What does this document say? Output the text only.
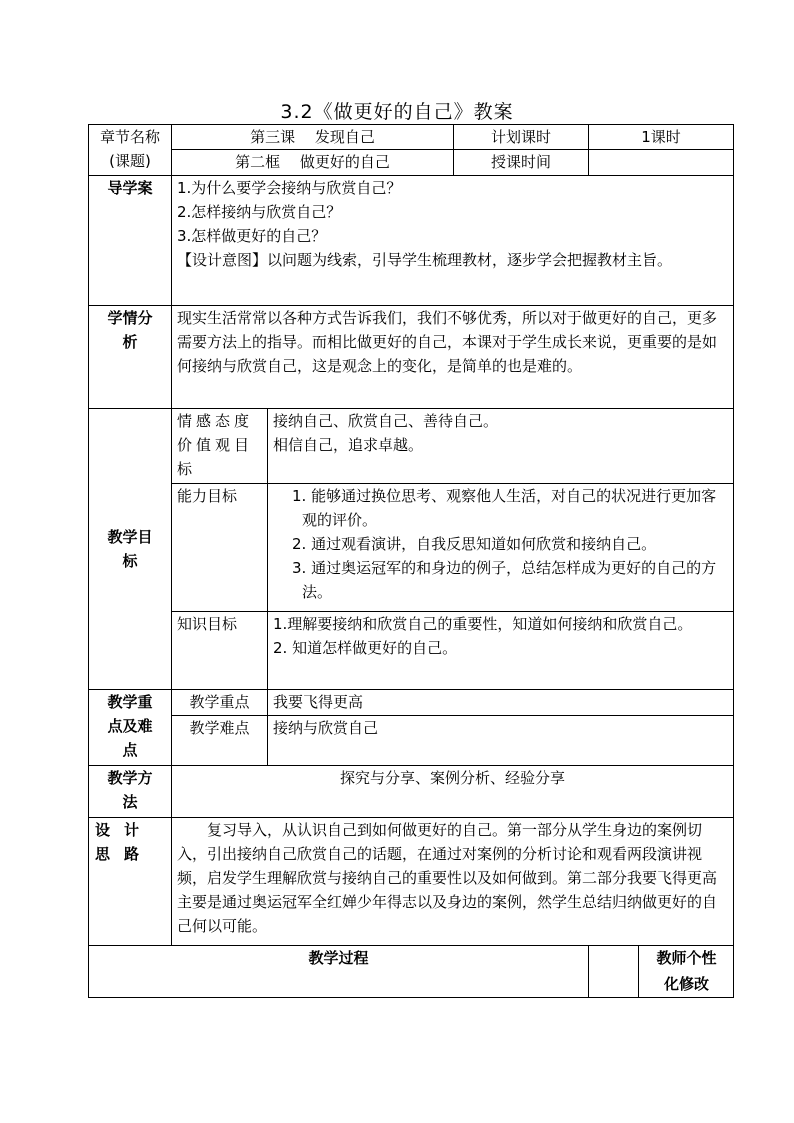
3.2《做更好的自己》教案
章节名称(课题)	第三课　 发现自己		计划课时	1课时
	第二框　 做更好的自己		授课时间	
导学案	1.为什么要学会接纳与欣赏自己？

2.怎样接纳与欣赏自己？

3.怎样做更好的自己？

【设计意图】以问题为线索，引导学生梳理教材，逐步学会把握教材主旨。			

学情分析	现实生活常常以各种方式告诉我们，我们不够优秀，所以对于做更好的自己，更多需要方法上的指导。而相比做更好的自己，本课对于学生成长来说，更重要的是如何接纳与欣赏自己，这是观念上的变化，是简单的也是难的。			
教学目标	情感态度价值观目标	接纳自己、欣赏自己、善待自己。

相信自己，追求卓越。		

	能力目标	1. 能够通过换位思考、观察他人生活，对自己的状况进行更加客观的评价。

2. 通过观看演讲，自我反思知道如何欣赏和接纳自己。

3. 通过奥运冠军的和身边的例子，总结怎样成为更好的自己的方法。		

	知识目标	1.理解要接纳和欣赏自己的重要性，知道如何接纳和欣赏自己。

2. 知道怎样做更好的自己。		

教学重点及难点	教学重点	我要飞得更高		
	教学难点	接纳与欣赏自己		
教学方法	探究与分享、案例分析、经验分享			
设计思路	复习导入，从认识自己到如何做更好的自己。第一部分从学生身边的案例切入，引出接纳自己欣赏自己的话题，在通过对案例的分析讨论和观看两段演讲视频，启发学生理解欣赏与接纳自己的重要性以及如何做到。第二部分我要飞得更高主要是通过奥运冠军全红婵少年得志以及身边的案例，然学生总结归纳做更好的自己何以可能。			
教学过程				教师个性化修改
